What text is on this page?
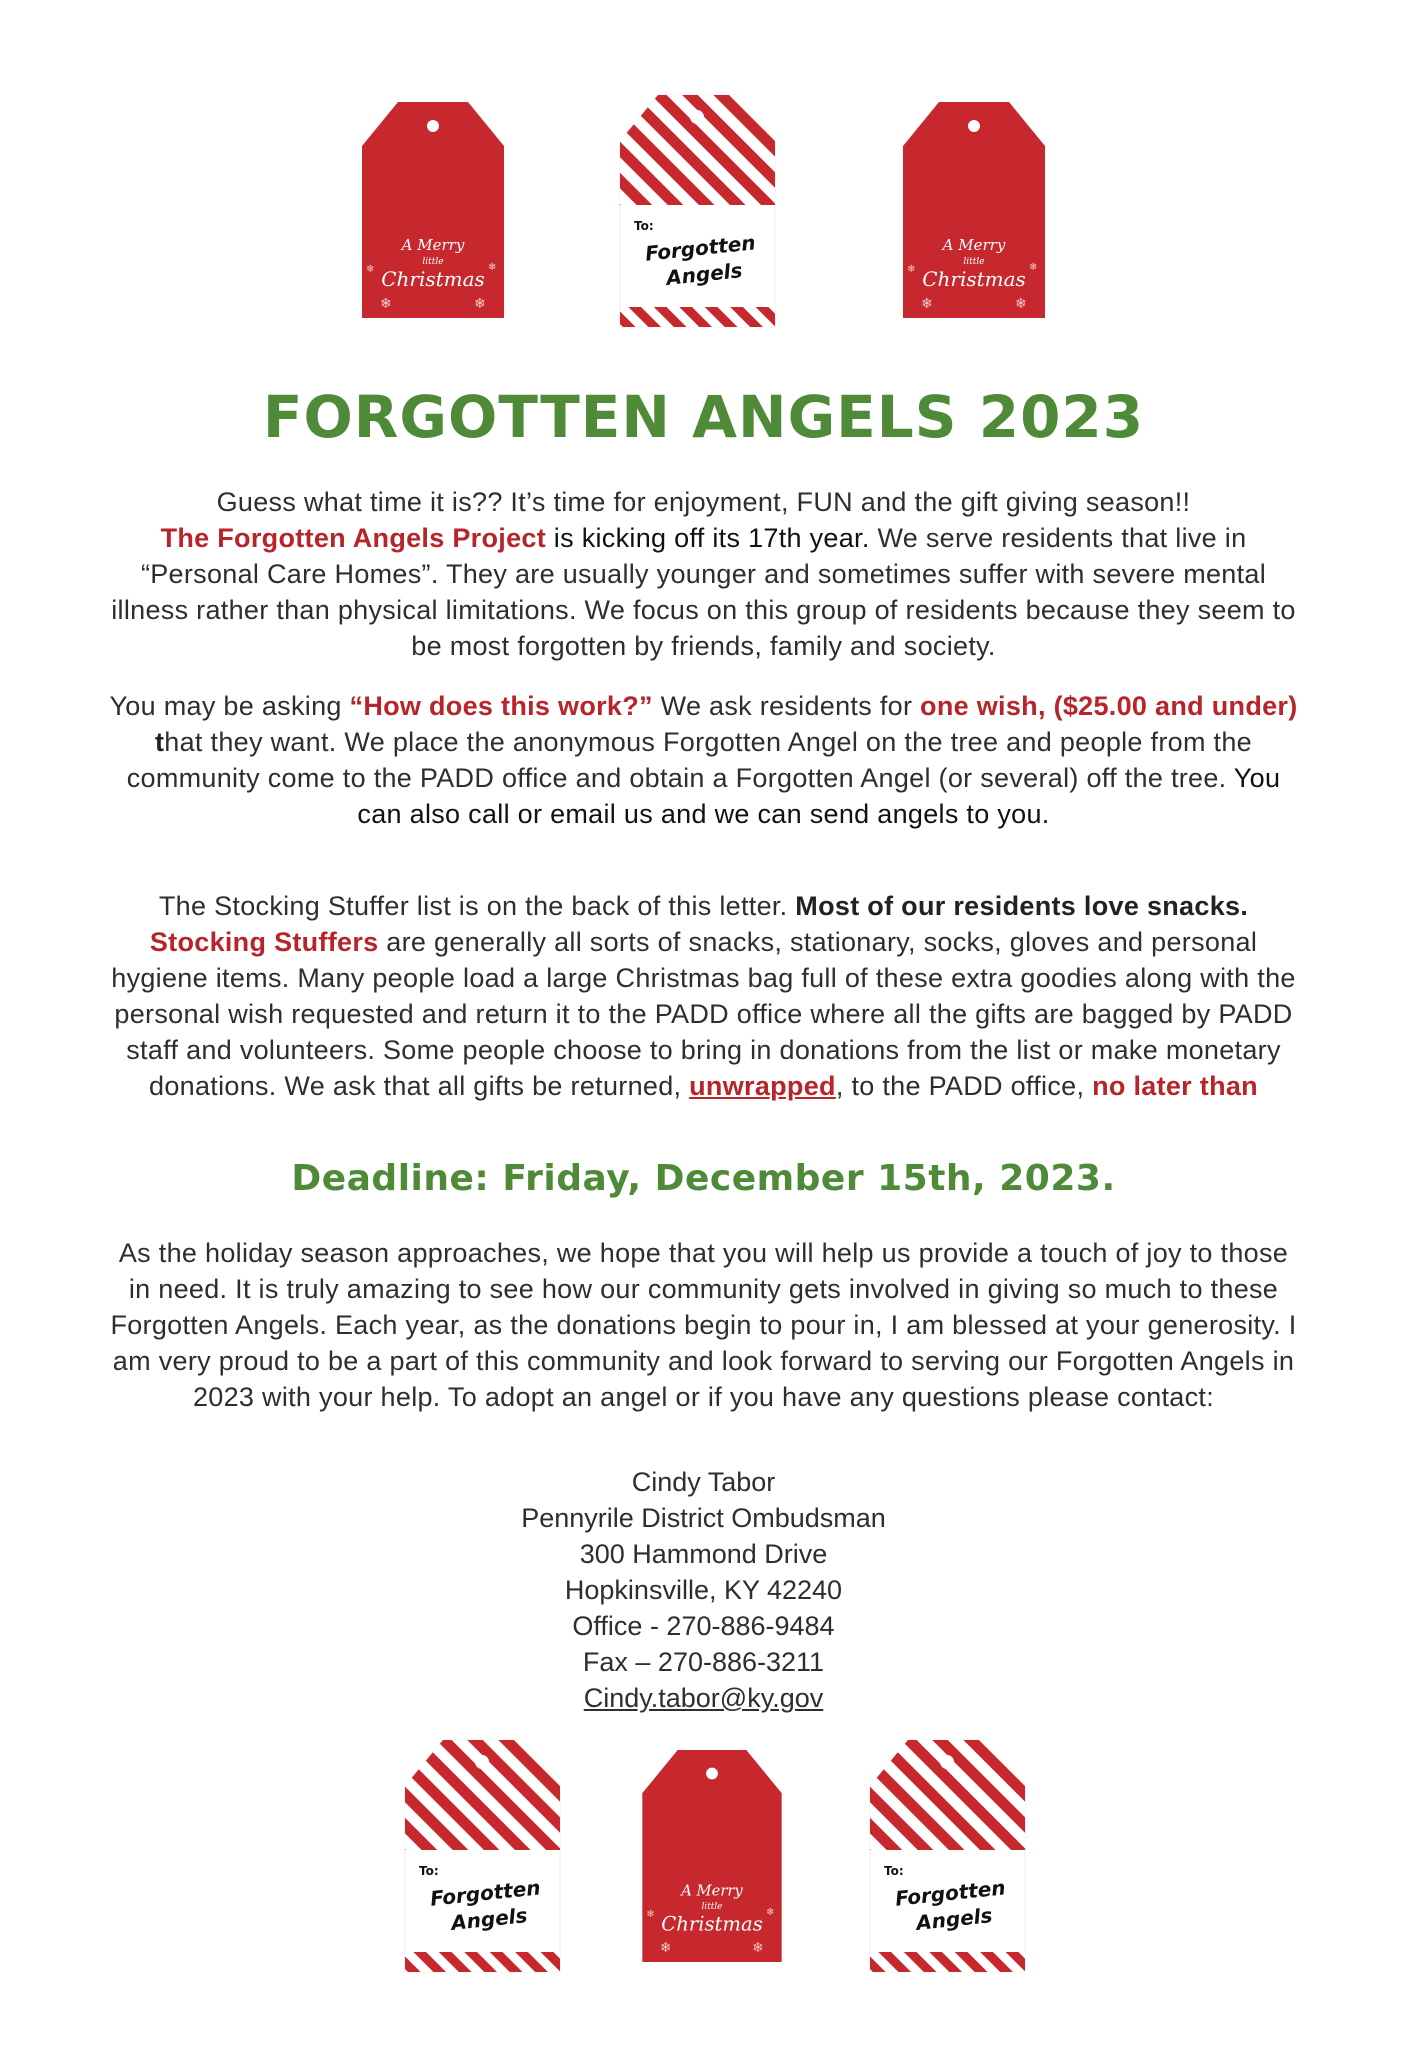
A Merry
little
Christmas
❄	❄
❄	❄
To:
Forgotten
Angels
A Merry
little
Christmas
❄	❄
❄	❄
FORGOTTEN ANGELS 2023

Guess what time it is?? It’s time for enjoyment, FUN and the gift giving season!!
The Forgotten Angels Project is kicking off its 17th year. We serve residents that live in “Personal Care Homes”. They are usually younger and sometimes suffer with severe mental illness rather than physical limitations. We focus on this group of residents because they seem to be most forgotten by friends, family and society.

You may be asking “How does this work?” We ask residents for one wish, ($25.00 and under) that they want. We place the anonymous Forgotten Angel on the tree and people from the community come to the PADD office and obtain a Forgotten Angel (or several) off the tree. You can also call or email us and we can send angels to you.

The Stocking Stuffer list is on the back of this letter. Most of our residents love snacks. Stocking Stuffers are generally all sorts of snacks, stationary, socks, gloves and personal hygiene items. Many people load a large Christmas bag full of these extra goodies along with the personal wish requested and return it to the PADD office where all the gifts are bagged by PADD staff and volunteers. Some people choose to bring in donations from the list or make monetary donations. We ask that all gifts be returned, unwrapped, to the PADD office, no later than

Deadline: Friday, December 15th, 2023.

As the holiday season approaches, we hope that you will help us provide a touch of joy to those in need. It is truly amazing to see how our community gets involved in giving so much to these Forgotten Angels. Each year, as the donations begin to pour in, I am blessed at your generosity. I am very proud to be a part of this community and look forward to serving our Forgotten Angels in 2023 with your help. To adopt an angel or if you have any questions please contact:

Cindy Tabor
Pennyrile District Ombudsman
300 Hammond Drive
Hopkinsville, KY 42240
Office - 270-886-9484
Fax – 270-886-3211
Cindy.tabor@ky.gov
To:
Forgotten
Angels
A Merry
little
Christmas
❄	❄
❄	❄
To:
Forgotten
Angels
